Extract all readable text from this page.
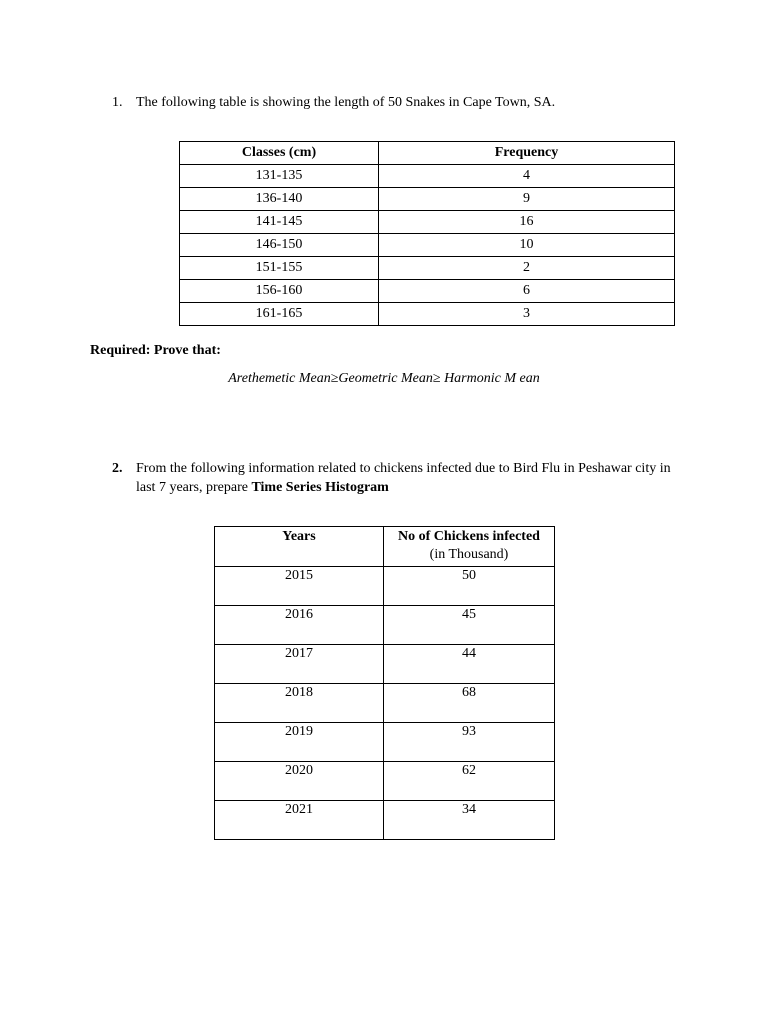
1. The following table is showing the length of 50 Snakes in Cape Town, SA.
Classes (cm)	Frequency
131-135	4
136-140	9
141-145	16
146-150	10
151-155	2
156-160	6
161-165	3
Required: Prove that:
Arethemetic Mean≥Geometric Mean≥ Harmonic M ean
2. From the following information related to chickens infected due to Bird Flu in Peshawar city in last 7 years, prepare Time Series Histogram
Years	No of Chickens infected
(in Thousand)

2015	50
2016	45
2017	44
2018	68
2019	93
2020	62
2021	34
